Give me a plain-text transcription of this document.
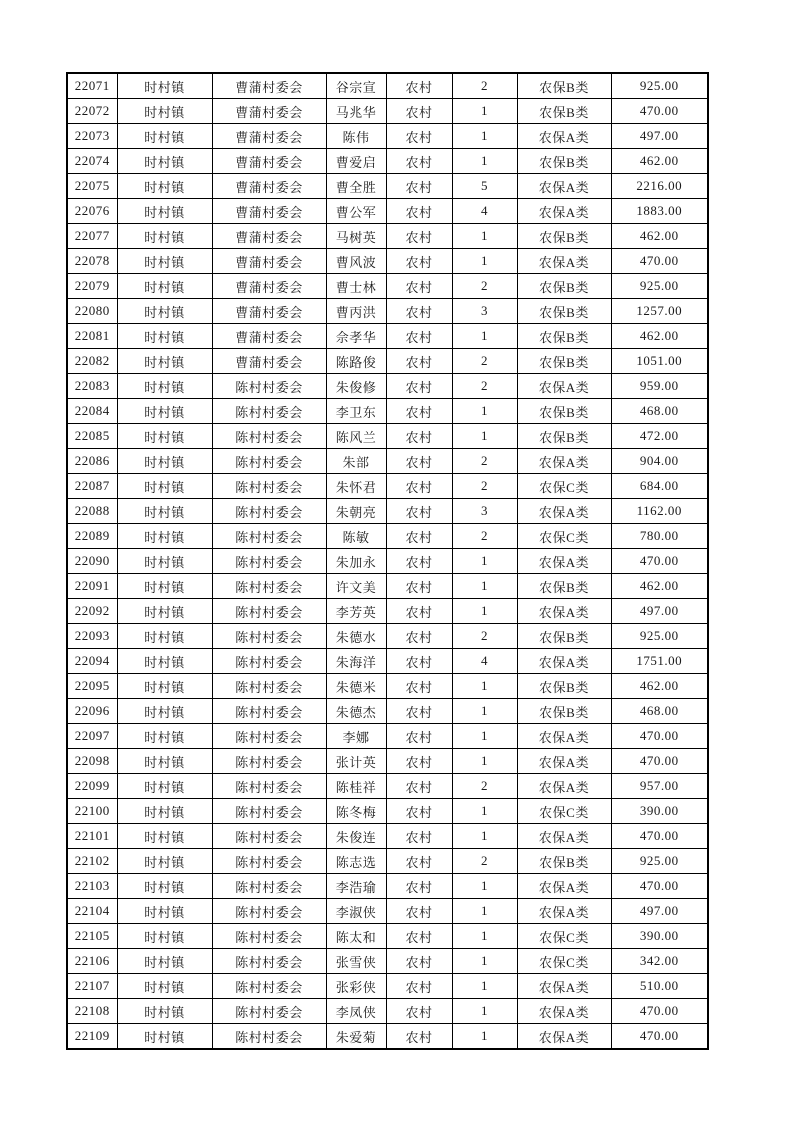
22071	时村镇	曹蒲村委会	谷宗宣	农村	2	农保B类	925.00
22072	时村镇	曹蒲村委会	马兆华	农村	1	农保B类	470.00
22073	时村镇	曹蒲村委会	陈伟	农村	1	农保A类	497.00
22074	时村镇	曹蒲村委会	曹爱启	农村	1	农保B类	462.00
22075	时村镇	曹蒲村委会	曹全胜	农村	5	农保A类	2216.00
22076	时村镇	曹蒲村委会	曹公军	农村	4	农保A类	1883.00
22077	时村镇	曹蒲村委会	马树英	农村	1	农保B类	462.00
22078	时村镇	曹蒲村委会	曹风波	农村	1	农保A类	470.00
22079	时村镇	曹蒲村委会	曹士林	农村	2	农保B类	925.00
22080	时村镇	曹蒲村委会	曹丙洪	农村	3	农保B类	1257.00
22081	时村镇	曹蒲村委会	佘孝华	农村	1	农保B类	462.00
22082	时村镇	曹蒲村委会	陈路俊	农村	2	农保B类	1051.00
22083	时村镇	陈村村委会	朱俊修	农村	2	农保A类	959.00
22084	时村镇	陈村村委会	李卫东	农村	1	农保B类	468.00
22085	时村镇	陈村村委会	陈风兰	农村	1	农保B类	472.00
22086	时村镇	陈村村委会	朱部	农村	2	农保A类	904.00
22087	时村镇	陈村村委会	朱怀君	农村	2	农保C类	684.00
22088	时村镇	陈村村委会	朱朝亮	农村	3	农保A类	1162.00
22089	时村镇	陈村村委会	陈敏	农村	2	农保C类	780.00
22090	时村镇	陈村村委会	朱加永	农村	1	农保A类	470.00
22091	时村镇	陈村村委会	许文美	农村	1	农保B类	462.00
22092	时村镇	陈村村委会	李芳英	农村	1	农保A类	497.00
22093	时村镇	陈村村委会	朱德水	农村	2	农保B类	925.00
22094	时村镇	陈村村委会	朱海洋	农村	4	农保A类	1751.00
22095	时村镇	陈村村委会	朱德米	农村	1	农保B类	462.00
22096	时村镇	陈村村委会	朱德杰	农村	1	农保B类	468.00
22097	时村镇	陈村村委会	李娜	农村	1	农保A类	470.00
22098	时村镇	陈村村委会	张计英	农村	1	农保A类	470.00
22099	时村镇	陈村村委会	陈桂祥	农村	2	农保A类	957.00
22100	时村镇	陈村村委会	陈冬梅	农村	1	农保C类	390.00
22101	时村镇	陈村村委会	朱俊连	农村	1	农保A类	470.00
22102	时村镇	陈村村委会	陈志选	农村	2	农保B类	925.00
22103	时村镇	陈村村委会	李浩瑜	农村	1	农保A类	470.00
22104	时村镇	陈村村委会	李淑侠	农村	1	农保A类	497.00
22105	时村镇	陈村村委会	陈太和	农村	1	农保C类	390.00
22106	时村镇	陈村村委会	张雪侠	农村	1	农保C类	342.00
22107	时村镇	陈村村委会	张彩侠	农村	1	农保A类	510.00
22108	时村镇	陈村村委会	李凤侠	农村	1	农保A类	470.00
22109	时村镇	陈村村委会	朱爱菊	农村	1	农保A类	470.00
